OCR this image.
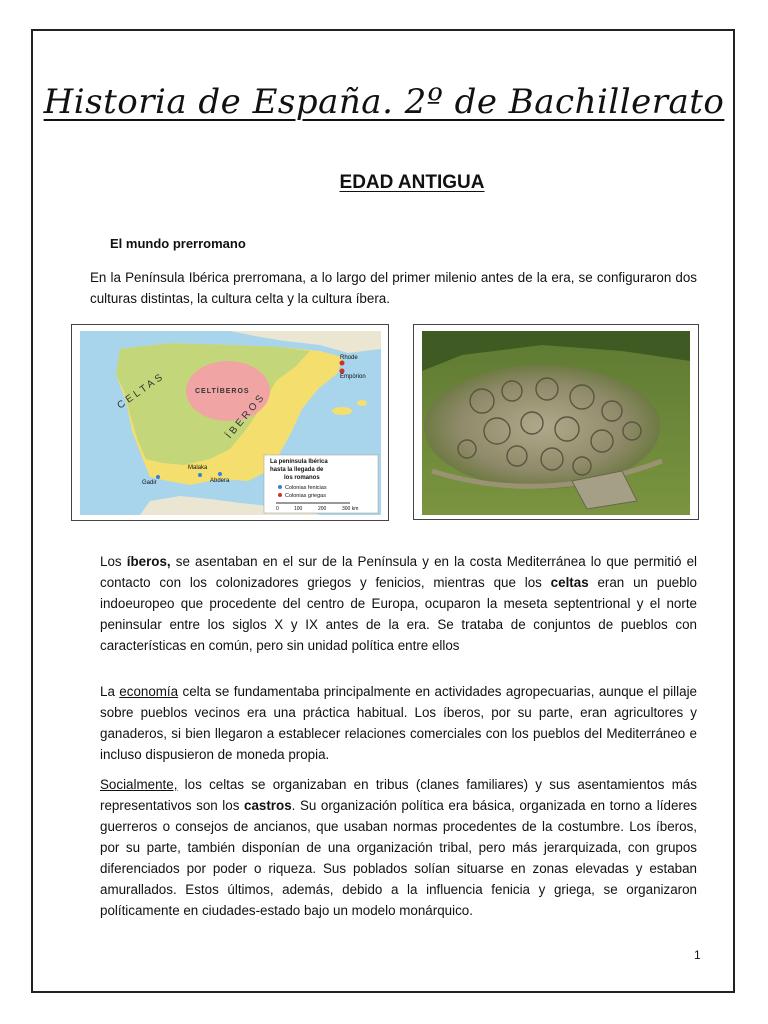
Historia de España. 2º de Bachillerato
EDAD ANTIGUA
El mundo prerromano
En la Península Ibérica prerromana, a lo largo del primer milenio antes de la era, se configuraron dos culturas distintas, la cultura celta y la cultura íbera.
CELTAS	CELTÍBEROS
ÍBEROS
Rhode
Empòrion
Malaka
Abdera
Gadir
La península Ibérica
hasta la llegada de
los romanos
Colonias fenicias
Colonias griegas
0	100	200	300 km
Los íberos, se asentaban en el sur de la Península y en la costa Mediterránea lo que permitió el contacto con los colonizadores griegos y fenicios, mientras que los celtas eran un pueblo indoeuropeo que procedente del centro de Europa, ocuparon la meseta septentrional y el norte peninsular entre los siglos X y IX antes de la era. Se trataba de conjuntos de pueblos con características en común, pero sin unidad política entre ellos
La economía celta se fundamentaba principalmente en actividades agropecuarias, aunque el pillaje sobre pueblos vecinos era una práctica habitual. Los íberos, por su parte, eran agricultores y ganaderos, si bien llegaron a establecer relaciones comerciales con los pueblos del Mediterráneo e incluso dispusieron de moneda propia.
Socialmente, los celtas se organizaban en tribus (clanes familiares) y sus asentamientos más representativos son los castros. Su organización política era básica, organizada en torno a líderes guerreros o consejos de ancianos, que usaban normas procedentes de la costumbre. Los íberos, por su parte, también disponían de una organización tribal, pero más jerarquizada, con grupos diferenciados por poder o riqueza. Sus poblados solían situarse en zonas elevadas y estaban amurallados. Estos últimos, además, debido a la influencia fenicia y griega, se organizaron políticamente en ciudades-estado bajo un modelo monárquico.
1
